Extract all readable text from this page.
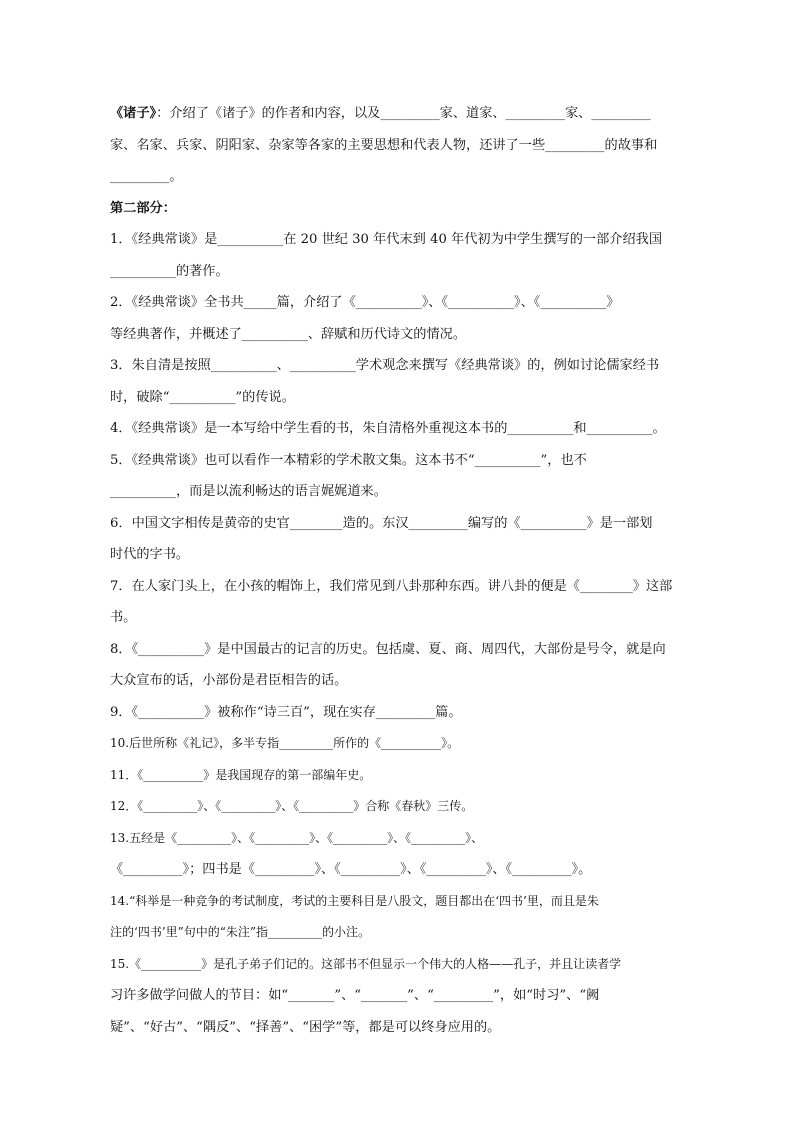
《诸子》：介绍了《诸子》的作者和内容，以及_________家、道家、_________家、_________

家、名家、兵家、阴阳家、杂家等各家的主要思想和代表人物，还讲了一些_________的故事和

_________。

第二部分：

1．《经典常谈》是__________在 20 世纪 30 年代末到 40 年代初为中学生撰写的一部介绍我国

__________的著作。

2．《经典常谈》全书共_____篇，介绍了《__________》、《__________》、《__________》

等经典著作，并概述了__________、辞赋和历代诗文的情况。

3．朱自清是按照__________、__________学术观念来撰写《经典常谈》的，例如讨论儒家经书

时，破除“__________”的传说。

4．《经典常谈》是一本写给中学生看的书，朱自清格外重视这本书的__________和__________。

5．《经典常谈》也可以看作一本精彩的学术散文集。这本书不“__________”，也不

__________，而是以流利畅达的语言娓娓道来。

6．中国文字相传是黄帝的史官________造的。东汉_________编写的《__________》是一部划

时代的字书。

7．在人家门头上，在小孩的帽饰上，我们常见到八卦那种东西。讲八卦的便是《________》这部

书。

8．《__________》是中国最古的记言的历史。包括虞、夏、商、周四代，大部份是号令，就是向

大众宣布的话，小部份是君臣相告的话。

9．《__________》被称作“诗三百”，现在实存_________篇。

10.后世所称《礼记》，多半专指_________所作的《__________》。

11．《__________》是我国现存的第一部编年史。

12．《_________》、《_________》、《_________》合称《春秋》三传。

13.五经是《_________》、《_________》、《_________》、《_________》、

《_________》；四书是《_________》、《_________》、《_________》、《_________》。

14.“科举是一种竞争的考试制度，考试的主要科目是八股文，题目都出在‘四书’里，而且是朱

注的‘四书’里”句中的“朱注”指_________的小注。

15.《__________》是孔子弟子们记的。这部书不但显示一个伟大的人格——孔子，并且让读者学

习许多做学问做人的节目：如“_______”、“_______”、“_________”，如“时习”、“阙

疑”、“好古”、“隅反”、“择善”、“困学”等，都是可以终身应用的。
